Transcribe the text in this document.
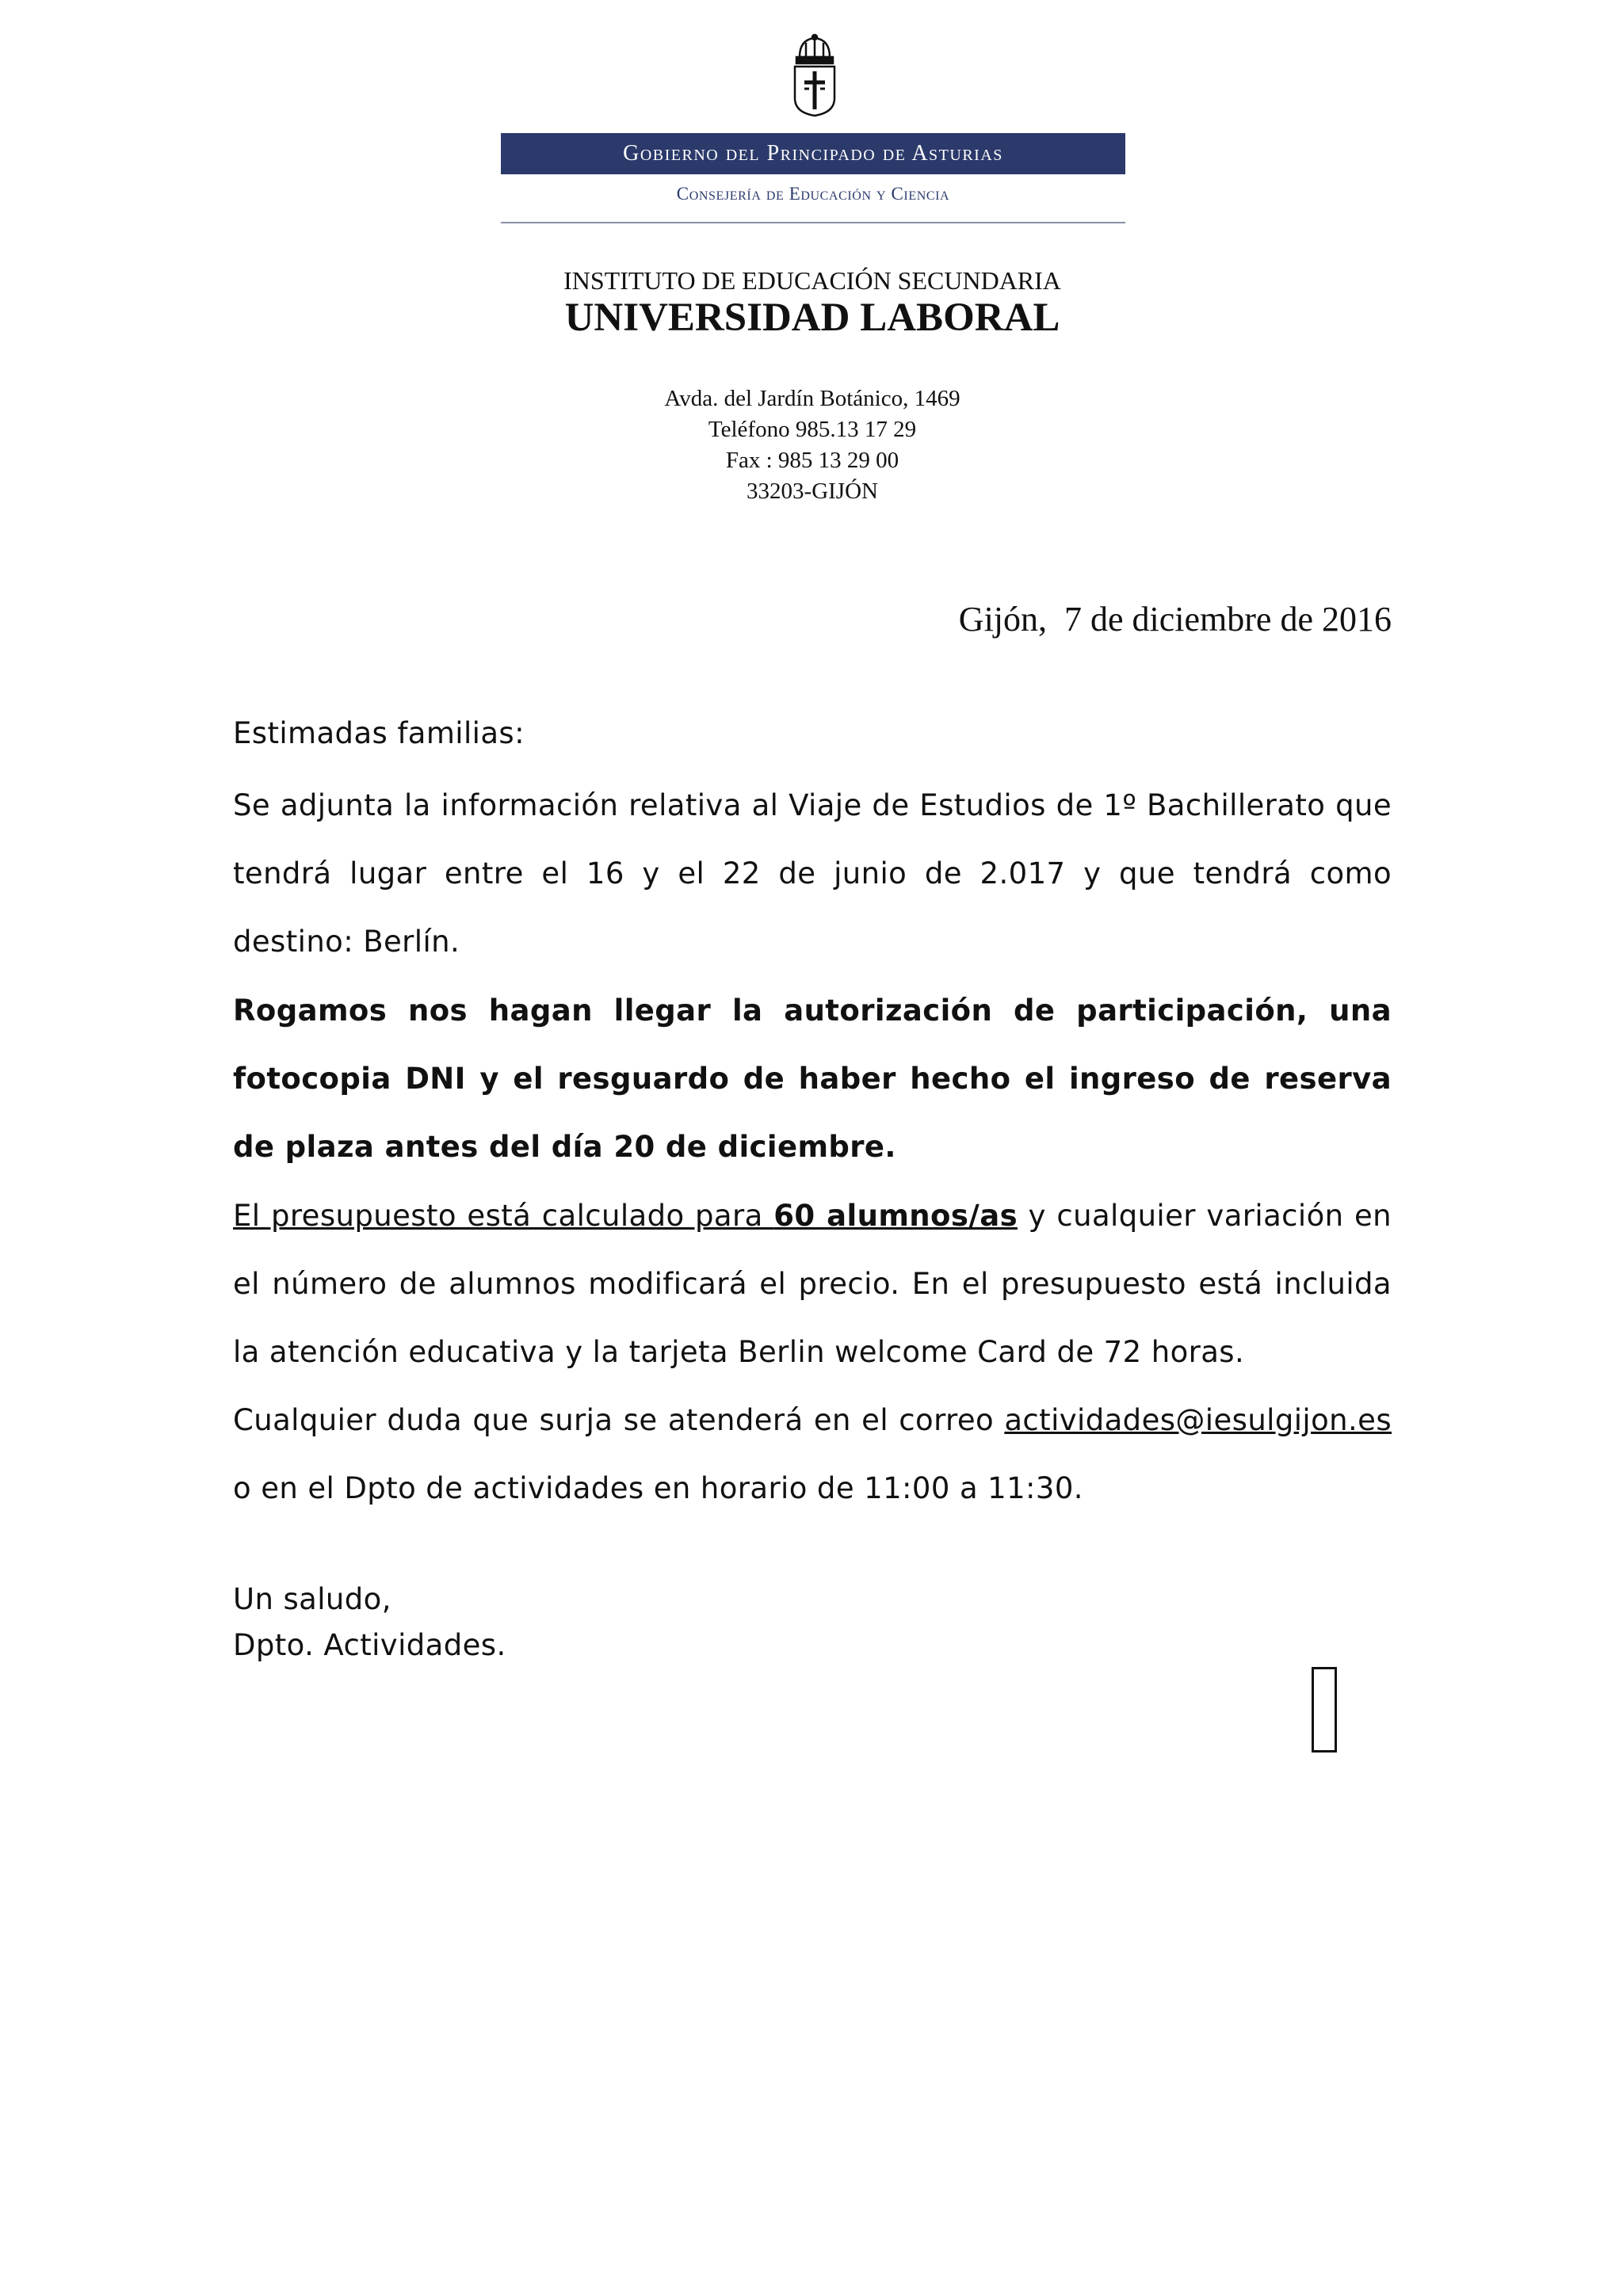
Gobierno del Principado de Asturias
Consejería de Educación y Ciencia
INSTITUTO DE EDUCACIÓN SECUNDARIA
UNIVERSIDAD LABORAL
Avda. del Jardín Botánico, 1469
Teléfono 985.13 17 29
Fax : 985 13 29 00
33203-GIJÓN
Gijón,  7 de diciembre de 2016
Estimadas familias:
Se adjunta la información relativa al Viaje de Estudios de 1º Bachillerato que tendrá lugar entre el 16 y el 22 de junio de 2.017 y que tendrá como destino: Berlín.
Rogamos nos hagan llegar la autorización de participación, una fotocopia DNI y el resguardo de haber hecho el ingreso de reserva de plaza antes del día 20 de diciembre.
El presupuesto está calculado para 60 alumnos/as y cualquier variación en el número de alumnos modificará el precio. En el presupuesto está incluida la atención educativa y la tarjeta Berlin welcome Card de 72 horas.
Cualquier duda que surja se atenderá en el correo actividades@iesulgijon.es o en el Dpto de actividades en horario de 11:00 a 11:30.
Un saludo,
Dpto. Actividades.
